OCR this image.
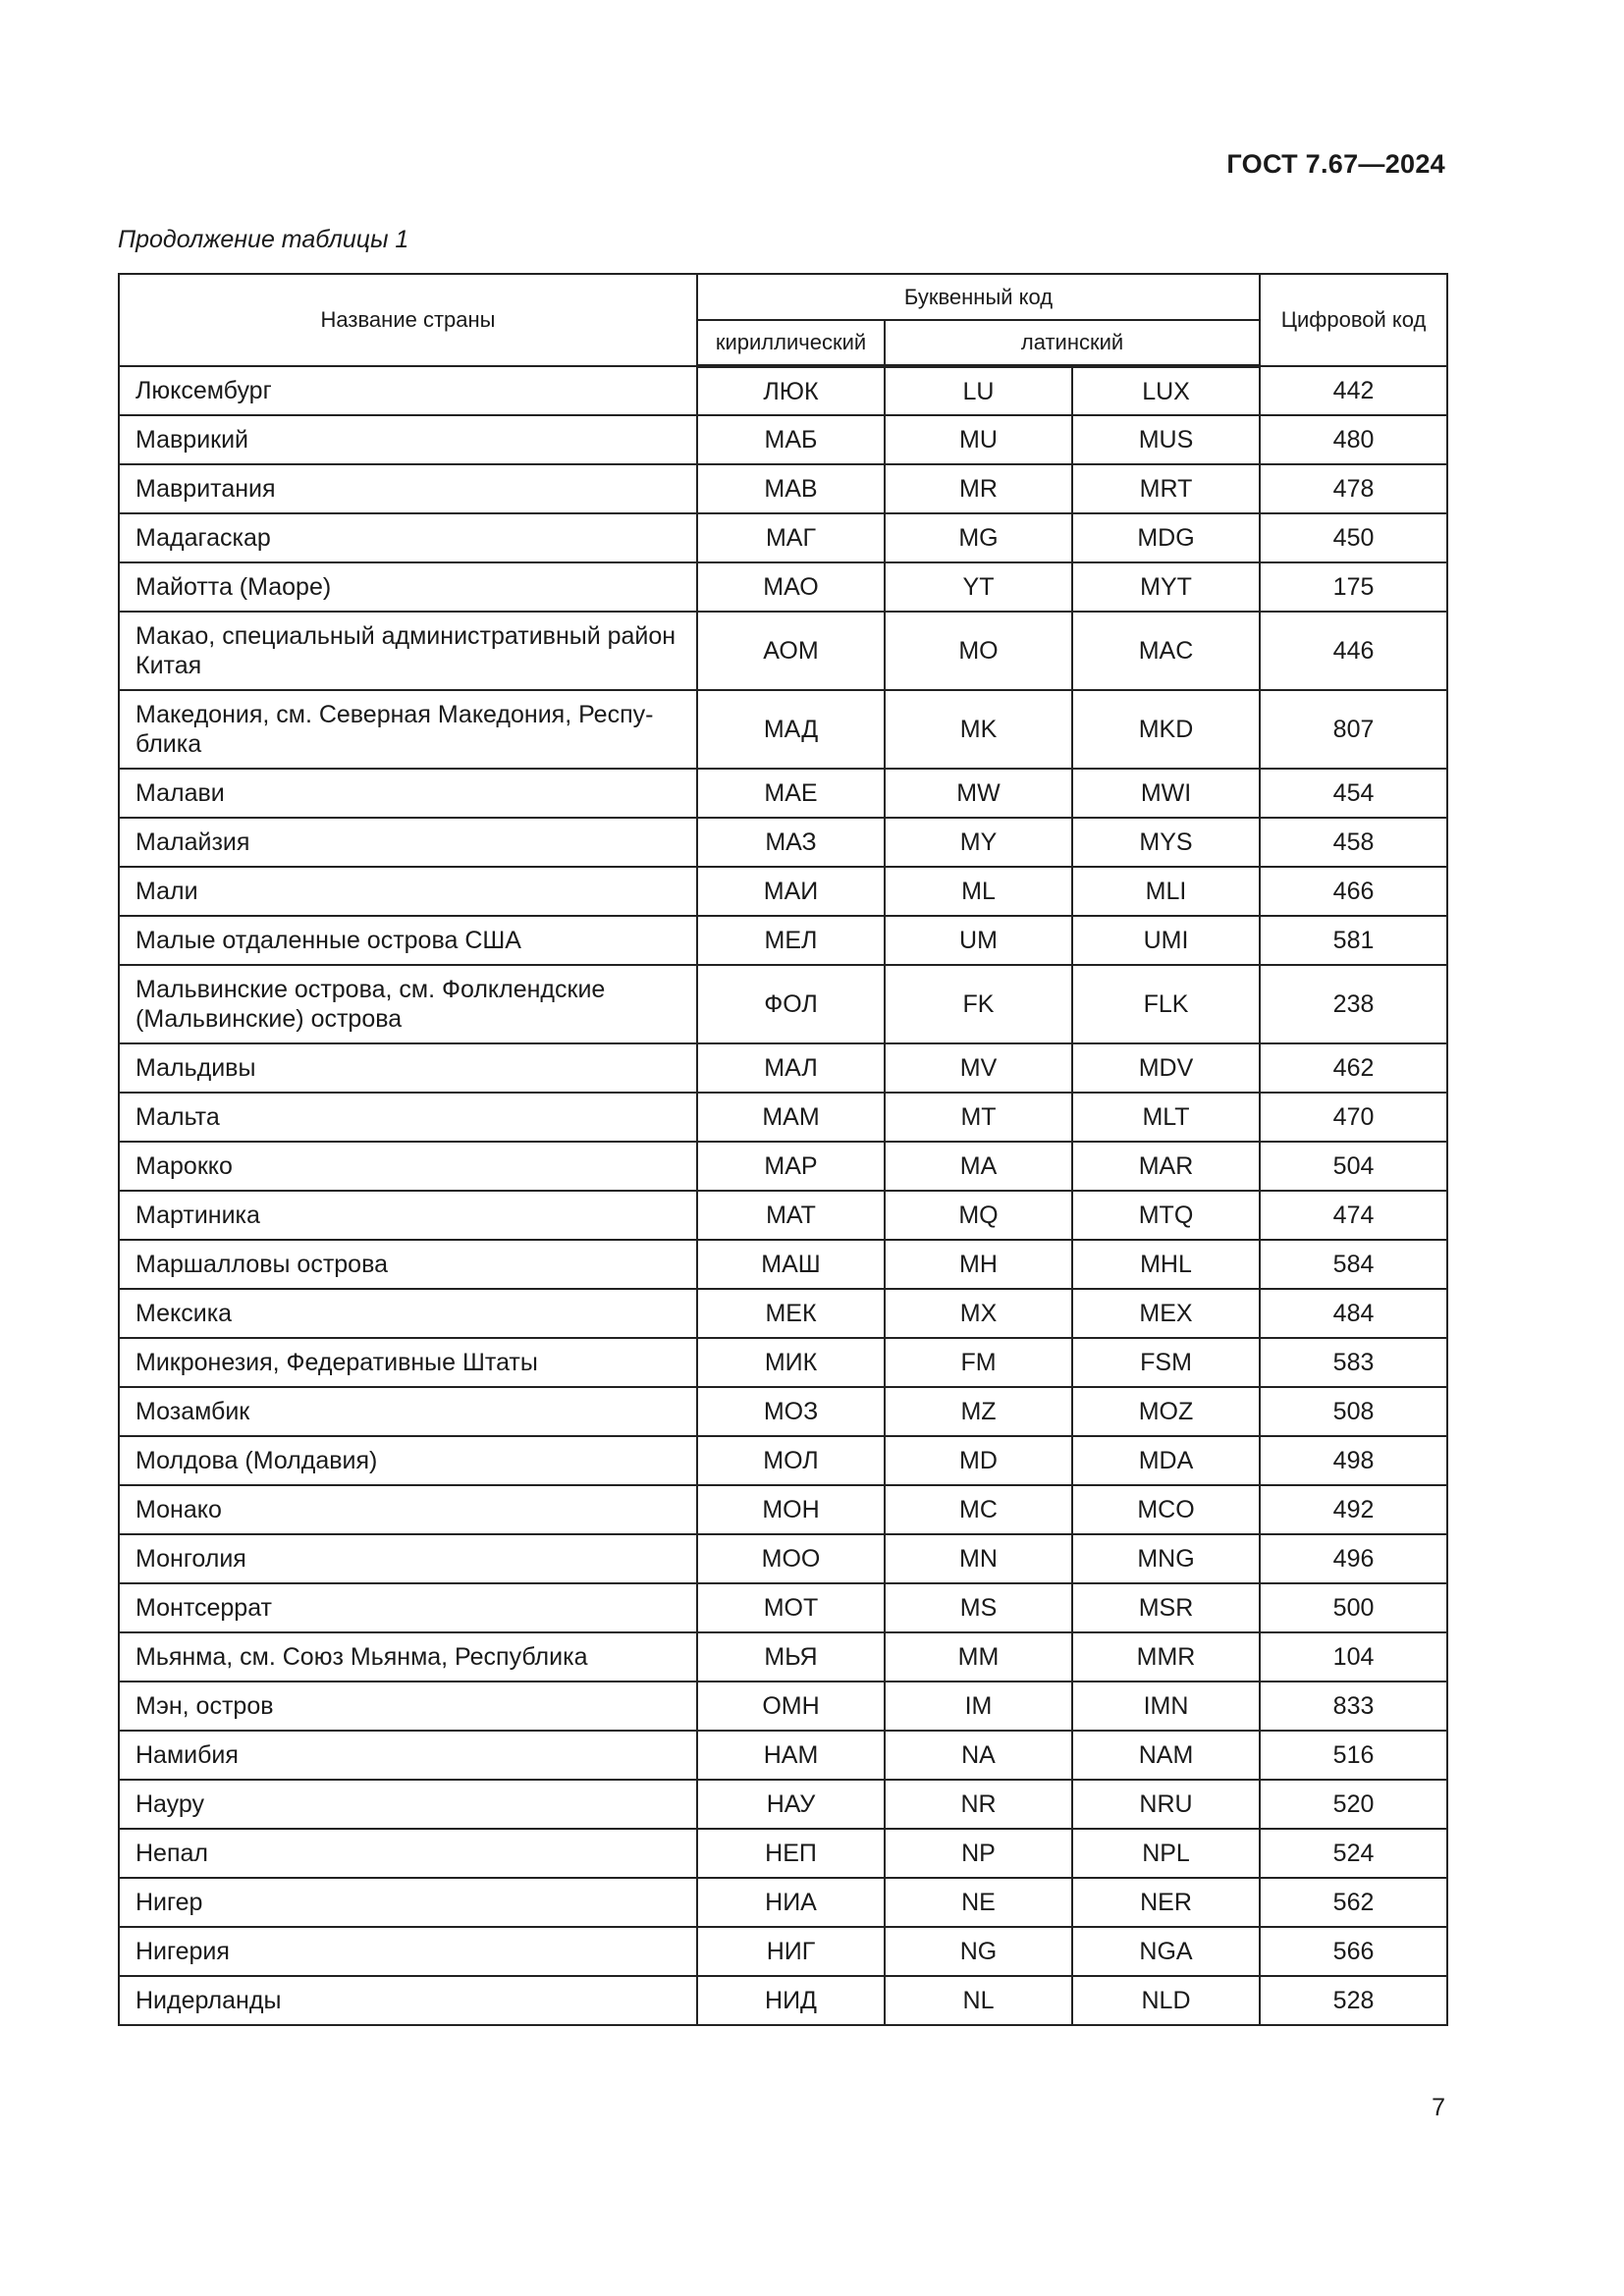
ГОСТ 7.67—2024
Продолжение таблицы 1
Название страны	Буквенный код			Цифровой код
	кириллический	латинский		
Люксембург	ЛЮК	LU	LUX	442
Маврикий	МАБ	MU	MUS	480
Мавритания	МАВ	MR	MRT	478
Мадагаскар	МАГ	MG	MDG	450
Майотта (Маоре)	МАО	YT	MYT	175
Макао, специальный административный район Китая	АОМ	MO	MAC	446
Македония, см. Северная Македония, Респу-блика	МАД	MK	MKD	807
Малави	МАЕ	MW	MWI	454
Малайзия	МАЗ	MY	MYS	458
Мали	МАИ	ML	MLI	466
Малые отдаленные острова США	МЕЛ	UM	UMI	581
Мальвинские острова, см. Фолклендские (Мальвинские) острова	ФОЛ	FK	FLK	238
Мальдивы	МАЛ	MV	MDV	462
Мальта	МАМ	MT	MLT	470
Марокко	МАР	MA	MAR	504
Мартиника	МАТ	MQ	MTQ	474
Маршалловы острова	МАШ	MH	MHL	584
Мексика	МЕК	MX	MEX	484
Микронезия, Федеративные Штаты	МИК	FM	FSM	583
Мозамбик	МОЗ	MZ	MOZ	508
Молдова (Молдавия)	МОЛ	MD	MDA	498
Монако	МОН	MC	MCO	492
Монголия	МОО	MN	MNG	496
Монтсеррат	МОТ	MS	MSR	500
Мьянма, см. Союз Мьянма, Республика	МЬЯ	MM	MMR	104
Мэн, остров	ОМН	IM	IMN	833
Намибия	НАМ	NA	NAM	516
Науру	НАУ	NR	NRU	520
Непал	НЕП	NP	NPL	524
Нигер	НИА	NE	NER	562
Нигерия	НИГ	NG	NGA	566
Нидерланды	НИД	NL	NLD	528
7
